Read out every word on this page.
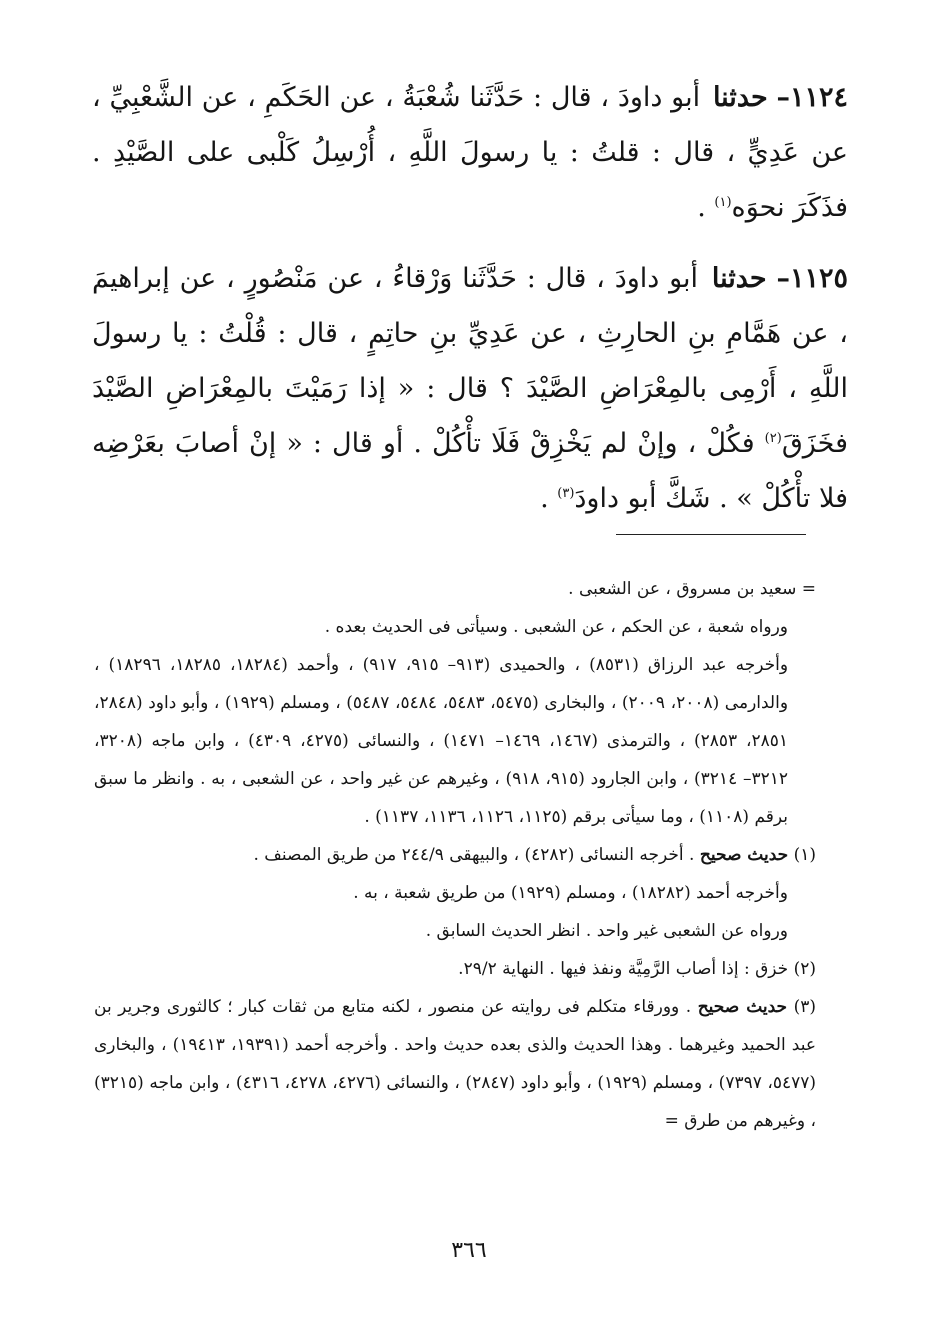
١١٢٤– حدثنا أبو داودَ ، قال : حَدَّثَنا شُعْبَةُ ، عن الحَكَمِ ، عن الشَّعْبِيِّ ، عن عَدِيٍّ ، قال : قلتُ : يا رسولَ اللَّهِ ، أُرْسِلُ كَلْبى على الصَّيْدِ . فذَكَرَ نحوَه$^{(١)}$ .

١١٢٥– حدثنا أبو داودَ ، قال : حَدَّثَنا وَرْقاءُ ، عن مَنْصُورٍ ، عن إبراهيمَ ، عن هَمَّامِ بنِ الحارِثِ ، عن عَدِيِّ بنِ حاتِمٍ ، قال : قُلْتُ : يا رسولَ اللَّهِ ، أَرْمِى بالمِعْرَاضِ الصَّيْدَ ؟ قال : « إذا رَمَيْتَ بالمِعْرَاضِ الصَّيْدَ فخَزَقَ$^{(٢)}$ فكُلْ ، وإنْ لم يَخْزِقْ فَلَا تأْكُلْ . أو قال : « إنْ أصابَ بعَرْضِه فلا تأْكُلْ » . شَكَّ أبو داودَ$^{(٣)}$ .

= سعيد بن مسروق ، عن الشعبى .

ورواه شعبة ، عن الحكم ، عن الشعبى . وسيأتى فى الحديث بعده .

وأخرجه عبد الرزاق (٨٥٣١) ، والحميدى (٩١٣– ٩١٥، ٩١٧) ، وأحمد (١٨٢٨٤، ١٨٢٨٥، ١٨٢٩٦) ، والدارمى (٢٠٠٨، ٢٠٠٩) ، والبخارى (٥٤٧٥، ٥٤٨٣، ٥٤٨٤، ٥٤٨٧) ، ومسلم (١٩٢٩) ، وأبو داود (٢٨٤٨، ٢٨٥١، ٢٨٥٣) ، والترمذى (١٤٦٧، ١٤٦٩– ١٤٧١) ، والنسائى (٤٢٧٥، ٤٣٠٩) ، وابن ماجه (٣٢٠٨، ٣٢١٢– ٣٢١٤) ، وابن الجارود (٩١٥، ٩١٨) ، وغيرهم عن غير واحد ، عن الشعبى ، به . وانظر ما سبق برقم (١١٠٨) ، وما سيأتى برقم (١١٢٥، ١١٢٦، ١١٣٦، ١١٣٧) .

(١) حديث صحيح . أخرجه النسائى (٤٢٨٢) ، والبيهقى ٢٤٤/٩ من طريق المصنف .

وأخرجه أحمد (١٨٢٨٢) ، ومسلم (١٩٢٩) من طريق شعبة ، به .

ورواه عن الشعبى غير واحد . انظر الحديث السابق .

(٢) خزق : إذا أصاب الرَّمِيَّة ونفذ فيها . النهاية ٢٩/٢.

(٣) حديث صحيح . وورقاء متكلم فى روايته عن منصور ، لكنه متابع من ثقات كبار ؛ كالثورى وجرير بن عبد الحميد وغيرهما . وهذا الحديث والذى بعده حديث واحد . وأخرجه أحمد (١٩٣٩١، ١٩٤١٣) ، والبخارى (٥٤٧٧، ٧٣٩٧) ، ومسلم (١٩٢٩) ، وأبو داود (٢٨٤٧) ، والنسائى (٤٢٧٦، ٤٢٧٨، ٤٣١٦) ، وابن ماجه (٣٢١٥) ، وغيرهم من طرق =

٣٦٦
